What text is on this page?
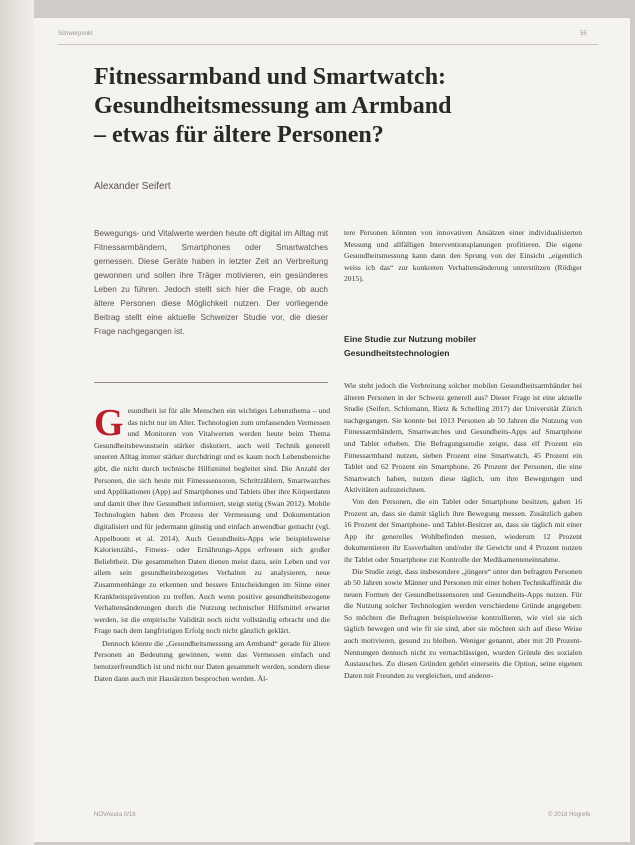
Schwerpunkt	55
Fitnessarmband und Smartwatch:
Gesundheitsmessung am Armband
– etwas für ältere Personen?
Alexander Seifert

Bewegungs- und Vitalwerte werden heute oft digital im Alltag mit Fitnessarmbändern, Smartphones oder Smartwatches gemessen. Diese Geräte haben in letzter Zeit an Verbreitung gewonnen und sollen ihre Träger motivieren, ein gesünderes Leben zu führen. Jedoch stellt sich hier die Frage, ob auch ältere Personen diese Möglichkeit nutzen. Der vorliegende Beitrag stellt eine aktuelle Schweizer Studie vor, die dieser Frage nachgegangen ist.

Gesundheit ist für alle Menschen ein wichtiges Lebensthema – und das nicht nur im Alter. Technologien zum umfassenden Vermessen und Monitoren von Vitalwerten werden heute beim Thema Gesundheitsbewusstsein stärker diskutiert, auch weil Technik generell unseren Alltag immer stärker durchdringt und es kaum noch Lebensbereiche gibt, die nicht durch technische Hilfsmittel begleitet sind. Die Anzahl der Personen, die sich heute mit Fitnesssensoren, Schrittzählern, Smartwatches und Applikationen (App) auf Smartphones und Tablets über ihre Körperdaten und damit über ihre Gesundheit informiert, steigt stetig (Swan 2012). Mobile Technologien haben den Prozess der Vermessung und Dokumentation digitalisiert und für jedermann günstig und einfach anwendbar gemacht (vgl. Appelboom et al. 2014). Auch Gesundheits-Apps wie beispielsweise Kalorienzähl-, Fitness- oder Ernährungs-Apps erfreuen sich großer Beliebtheit. Die gesammelten Daten dienen meist dazu, sein Leben und vor allem sein gesundheitsbezogenes Verhalten zu analysieren, neue Zusammenhänge zu erkennen und bessere Entscheidungen im Sinne einer Krankheitsprävention zu treffen. Auch wenn positive gesundheitsbezogene Verhaltensänderungen durch die Nutzung technischer Hilfsmittel erwartet werden, ist die empirische Validität noch nicht vollständig erbracht und die Frage nach dem langfristigen Erfolg noch nicht gänzlich geklärt.

Dennoch könnte die „Gesundheitsmessung am Armband“ gerade für ältere Personen an Bedeutung gewinnen, wenn das Vermessen einfach und benutzerfreundlich ist und nicht nur Daten gesammelt werden, sondern diese Daten dann auch mit Hausärzten besprochen werden. Äl-

tere Personen könnten von innovativen Ansätzen einer individualisierten Messung und allfälligen Interventionsplanungen profitieren. Die eigene Gesundheitsmessung kann dann den Sprung von der Einsicht „eigentlich weiss ich das“ zur konkreten Verhaltensänderung unterstützen (Rödiger 2015).

Eine Studie zur Nutzung mobiler Gesundheitstechnologien

Wie steht jedoch die Verbreitung solcher mobilen Gesundheitsarmbänder bei älteren Personen in der Schweiz generell aus? Dieser Frage ist eine aktuelle Studie (Seifert, Schlomann, Rietz & Schelling 2017) der Universität Zürich nachgegangen. Sie konnte bei 1013 Personen ab 50 Jahren die Nutzung von Fitnessarmbändern, Smartwatches und Gesundheits-Apps auf Smartphone und Tablet erheben. Die Befragungsstudie zeigte, dass elf Prozent ein Fitnessarmband nutzen, sieben Prozent eine Smartwatch, 45 Prozent ein Tablet und 62 Prozent ein Smartphone. 26 Prozent der Personen, die eine Smartwatch haben, nutzen diese täglich, um ihre Bewegungen und Aktivitäten aufzuzeichnen.

Von den Personen, die ein Tablet oder Smartphone besitzen, gaben 16 Prozent an, dass sie damit täglich ihre Bewegung messen. Zusätzlich gaben 16 Prozent der Smartphone- und Tablet-Besitzer an, dass sie täglich mit einer App ihr generelles Wohlbefinden messen, wiederum 12 Prozent dokumentieren ihr Essverhalten und/oder ihr Gewicht und 4 Prozent nutzen ihr Tablet oder Smartphone zur Kontrolle der Medikamenteneinnahme.

Die Studie zeigt, dass insbesondere „jüngere“ unter den befragten Personen ab 50 Jahren sowie Männer und Personen mit einer hohen Technikaffinität die neuen Formen der Gesundheitssensoren und Gesundheits-Apps nutzen. Für die Nutzung solcher Technologien werden verschiedene Gründe angegeben: So möchten die Befragten beispielsweise kontrollieren, wie viel sie sich täglich bewegen und wie fit sie sind, aber sie möchten sich auf diese Weise auch motivieren, gesund zu bleiben. Weniger genannt, aber mit 20 Prozent-Nennungen dennoch nicht zu vernachlässigen, wurden Gründe des sozialen Austausches. Zu diesen Gründen gehört einerseits die Option, seine eigenen Daten mit Freunden zu vergleichen, und anderer-

NOVAcura 0/18	© 2018 Hogrefe
